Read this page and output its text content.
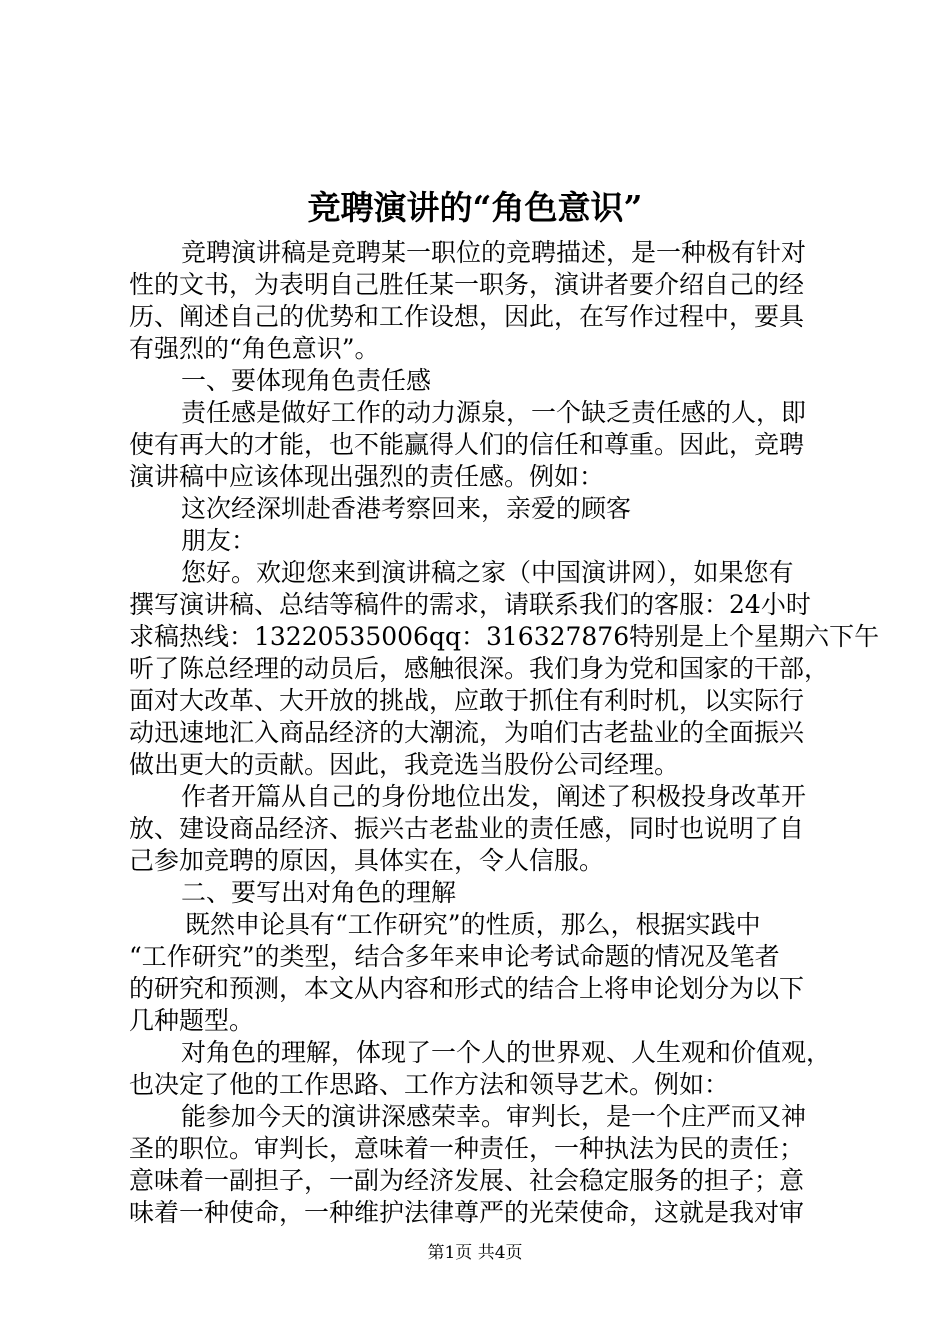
竞聘演讲的“角色意识”
竞聘演讲稿是竞聘某一职位的竞聘描述，是一种极有针对
性的文书，为表明自己胜任某一职务，演讲者要介绍自己的经
历、阐述自己的优势和工作设想，因此，在写作过程中，要具
有强烈的“角色意识”。
一、要体现角色责任感
责任感是做好工作的动力源泉，一个缺乏责任感的人，即
使有再大的才能，也不能赢得人们的信任和尊重。因此，竞聘
演讲稿中应该体现出强烈的责任感。例如：
这次经深圳赴香港考察回来，亲爱的顾客
朋友：
您好。欢迎您来到演讲稿之家（中国演讲网），如果您有
撰写演讲稿、总结等稿件的需求，请联系我们的客服：24小时
求稿热线：13220535006qq：316327876特别是上个星期六下午
听了陈总经理的动员后，感触很深。我们身为党和国家的干部，
面对大改革、大开放的挑战，应敢于抓住有利时机，以实际行
动迅速地汇入商品经济的大潮流，为咱们古老盐业的全面振兴
做出更大的贡献。因此，我竞选当股份公司经理。
作者开篇从自己的身份地位出发，阐述了积极投身改革开
放、建设商品经济、振兴古老盐业的责任感，同时也说明了自
己参加竞聘的原因，具体实在，令人信服。
二、要写出对角色的理解
既然申论具有“工作研究”的性质，那么，根据实践中
“工作研究”的类型，结合多年来申论考试命题的情况及笔者
的研究和预测，本文从内容和形式的结合上将申论划分为以下
几种题型。
对角色的理解，体现了一个人的世界观、人生观和价值观，
也决定了他的工作思路、工作方法和领导艺术。例如：
能参加今天的演讲深感荣幸。审判长，是一个庄严而又神
圣的职位。审判长，意味着一种责任，一种执法为民的责任；
意味着一副担子，一副为经济发展、社会稳定服务的担子；意
味着一种使命，一种维护法律尊严的光荣使命，这就是我对审
第1页 共4页
